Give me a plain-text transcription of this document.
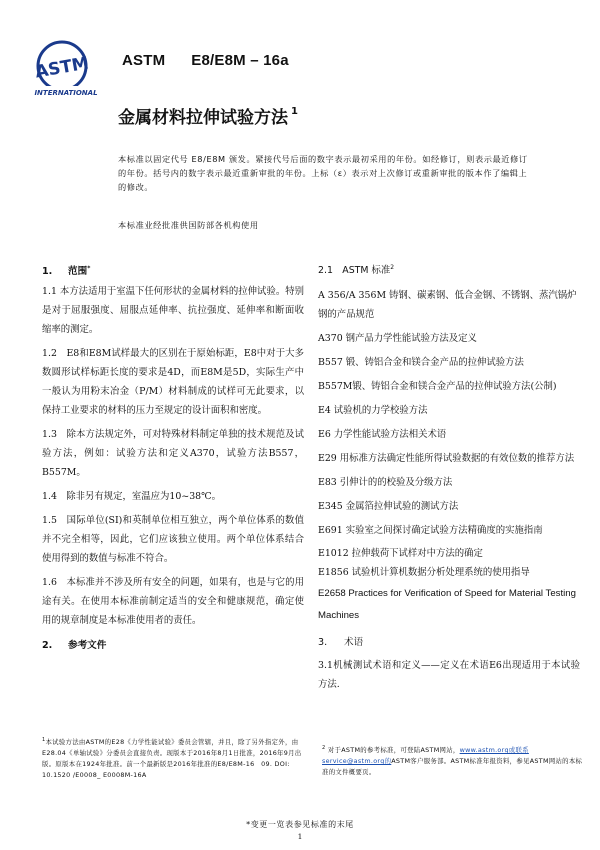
ASTM
INTERNATIONAL
ASTM E8/E8M – 16a
金属材料拉伸试验方法 $^1$
本标准以固定代号 E8/E8M 颁发。紧接代号后面的数字表示最初采用的年份。如经修订，则表示最近修订的年份。括号内的数字表示最近重新审批的年份。上标（ε）表示对上次修订或重新审批的版本作了编辑上的修改。
本标准业经批准供国防部各机构使用
1. 范围*

1.1 本方法适用于室温下任何形状的金属材料的拉伸试验。特别是对于屈服强度、屈服点延伸率、抗拉强度、延伸率和断面收缩率的测定。

1.2　E8和E8M试样最大的区别在于原始标距，E8中对于大多数圆形试样标距长度的要求是4D，而E8M是5D，实际生产中一般认为用粉末冶金（P/M）材料制成的试样可无此要求，以保持工业要求的材料的压力至规定的设计面积和密度。

1.3　除本方法规定外，可对特殊材料制定单独的技术规范及试验方法，例如：试验方法和定义A370，试验方法B557，B557M。

1.4　除非另有规定，室温应为10~38℃。

1.5　国际单位(SI)和英制单位相互独立，两个单位体系的数值并不完全相等，因此，它们应该独立使用。两个单位体系结合使用得到的数值与标准不符合。

1.6　本标准并不涉及所有安全的问题，如果有，也是与它的用途有关。在使用本标准前制定适当的安全和健康规范，确定使用的规章制度是本标准使用者的责任。

2. 参考文件

2.1　ASTM 标准$^2$

A 356/A 356M 铸钢、碳素钢、低合金钢、不锈钢、蒸汽锅炉钢的产品规范

A370 钢产品力学性能试验方法及定义

B557 锻、铸铝合金和镁合金产品的拉伸试验方法

B557M锻、铸铝合金和镁合金产品的拉伸试验方法(公制)

E4 试验机的力学校验方法

E6 力学性能试验方法相关术语

E29 用标准方法确定性能所得试验数据的有效位数的推荐方法

E83 引伸计的的校验及分级方法

E345 金属箔拉伸试验的测试方法

E691 实验室之间探讨确定试验方法精确度的实施指南

E1012 拉伸载荷下试样对中方法的确定

E1856 试验机计算机数据分析处理系统的使用指导

E2658 Practices for Verification of Speed for Material Testing Machines

3. 术语

3.1机械测试术语和定义——定义在术语E6出现适用于本试验方法.

$^1$本试验方法由ASTM的E28《力学性能试验》委员会管辖，并且，除了另外指定外，由E28.04《单轴试验》分委员会直接负责。现版本于2016年8月1日批准，2016年9月出版。原版本在1924年批准。前一个最新版是2016年批准的E8/E8M-16　09. DOI: 10.1520 /E0008_ E0008M-16A
$^2$ 对于ASTM的参考标准，可登陆ASTM网站，www.astm.org或联系service@astm.org的ASTM客户服务部。ASTM标准年报资料，参见ASTM网站的本标准的文件概要页。
*变更一览表参见标准的末尾
1
